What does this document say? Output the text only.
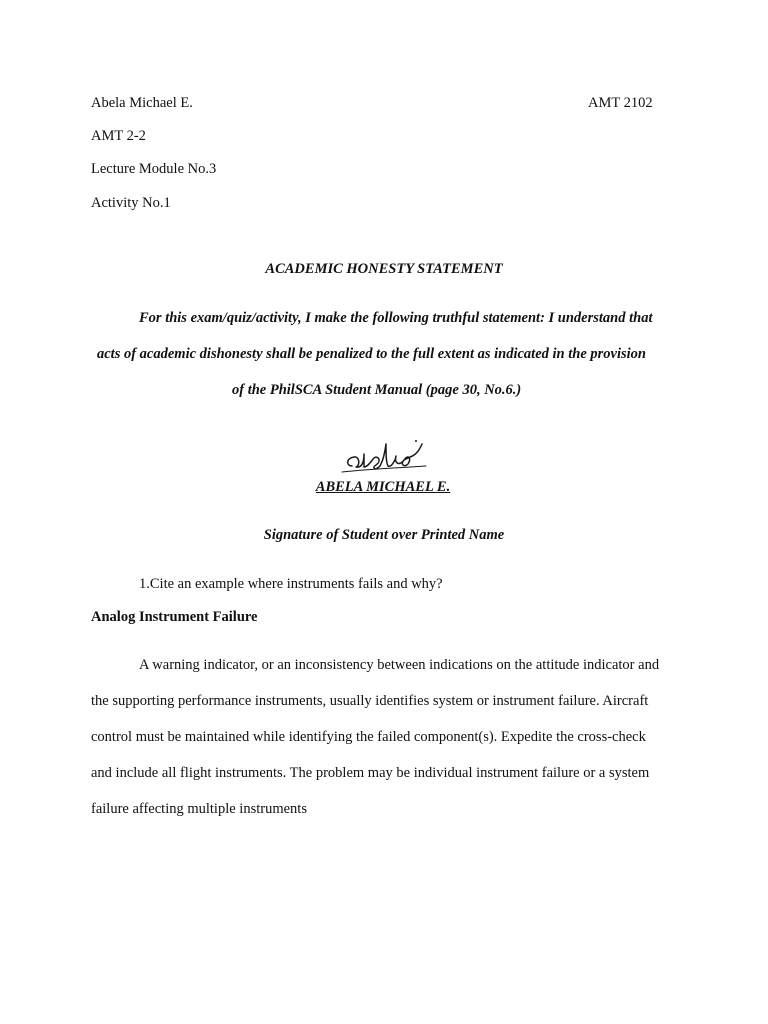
Abela Michael E.	AMT 2102
AMT 2-2
Lecture Module No.3
Activity No.1
ACADEMIC HONESTY STATEMENT
For this exam/quiz/activity, I make the following truthful statement: I understand that
acts of academic dishonesty shall be penalized to the full extent as indicated in the provision
of the PhilSCA Student Manual (page 30, No.6.)
ABELA MICHAEL E.
Signature of Student over Printed Name
1.Cite an example where instruments fails and why?
Analog Instrument Failure
A warning indicator, or an inconsistency between indications on the attitude indicator and
the supporting performance instruments, usually identifies system or instrument failure. Aircraft
control must be maintained while identifying the failed component(s). Expedite the cross-check
and include all flight instruments. The problem may be individual instrument failure or a system
failure affecting multiple instruments
